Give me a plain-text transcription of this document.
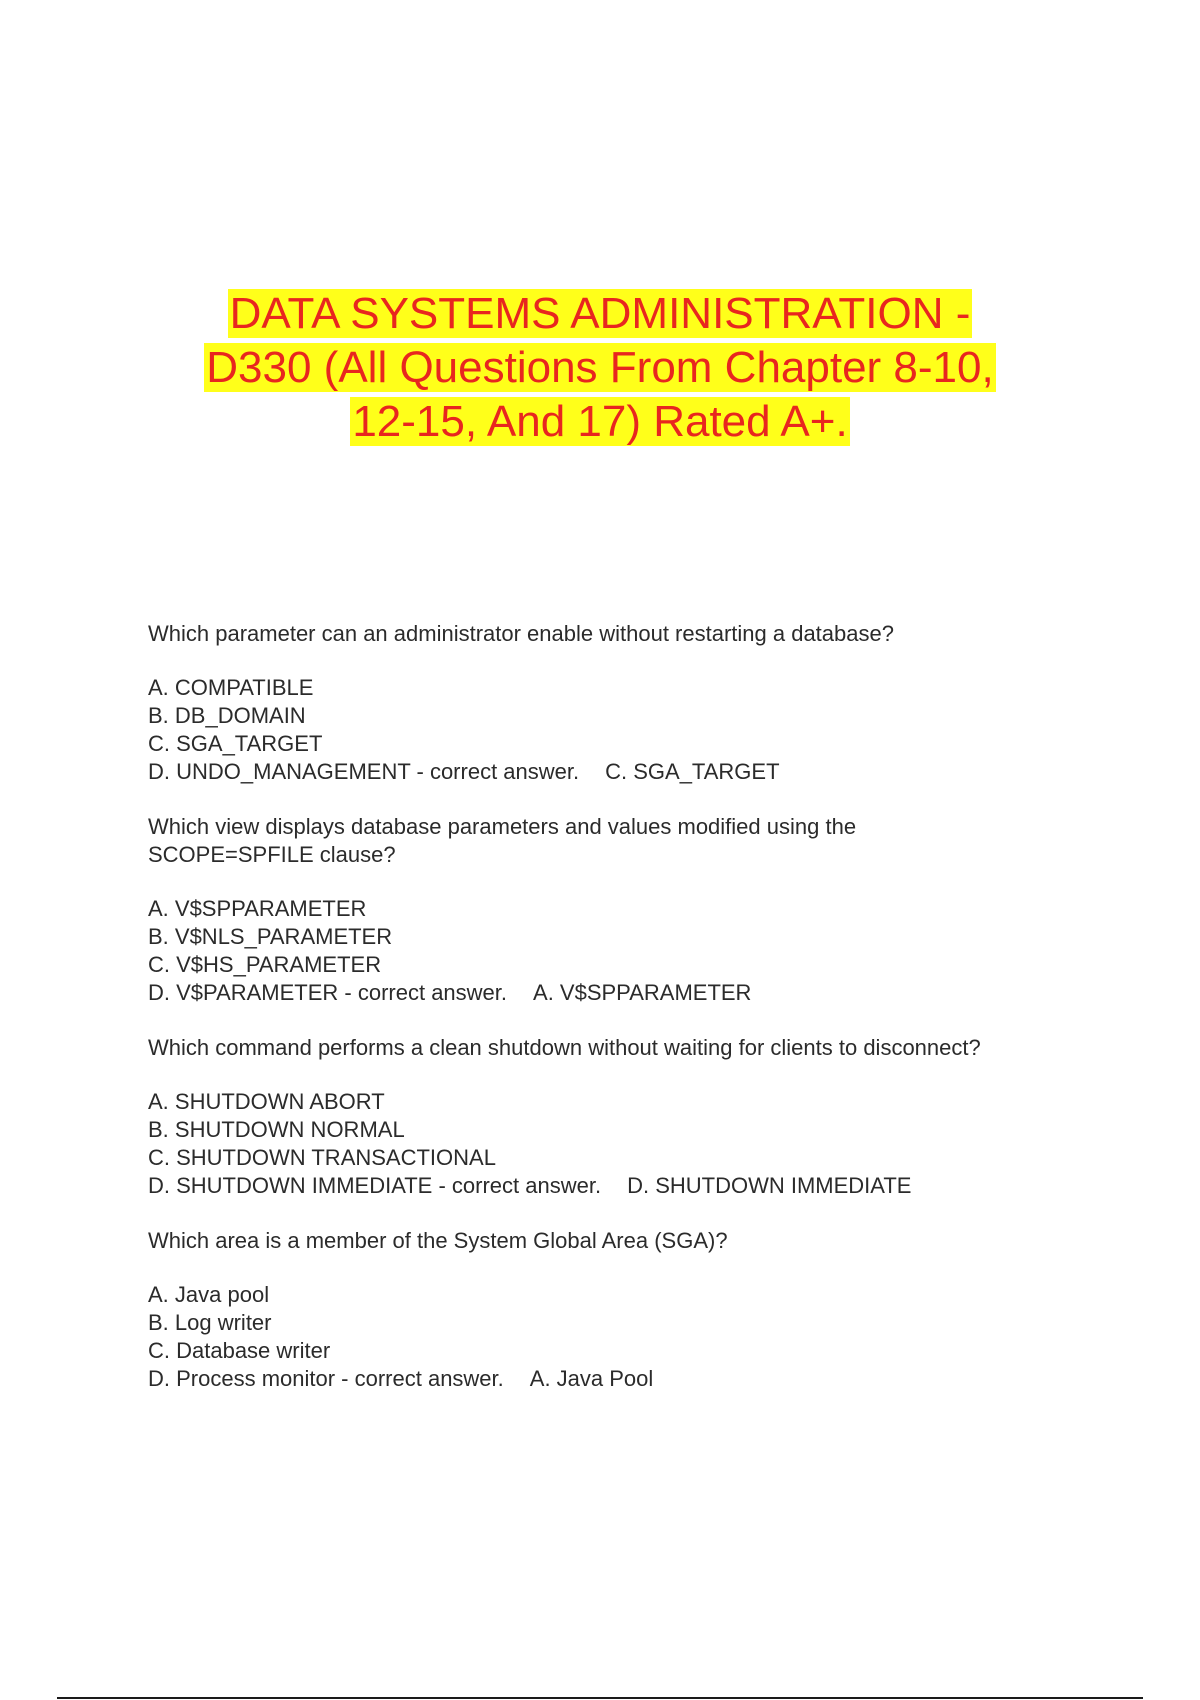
DATA SYSTEMS ADMINISTRATION -
D330 (All Questions From Chapter 8-10,
12-15, And 17) Rated A+.

Which parameter can an administrator enable without restarting a database?

A. COMPATIBLE

B. DB_DOMAIN

C. SGA_TARGET

D. UNDO_MANAGEMENT - correct answer. C. SGA_TARGET

Which view displays database parameters and values modified using the
SCOPE=SPFILE clause?

A. V$SPPARAMETER

B. V$NLS_PARAMETER

C. V$HS_PARAMETER

D. V$PARAMETER - correct answer. A. V$SPPARAMETER

Which command performs a clean shutdown without waiting for clients to disconnect?

A. SHUTDOWN ABORT

B. SHUTDOWN NORMAL

C. SHUTDOWN TRANSACTIONAL

D. SHUTDOWN IMMEDIATE - correct answer. D. SHUTDOWN IMMEDIATE

Which area is a member of the System Global Area (SGA)?

A. Java pool

B. Log writer

C. Database writer

D. Process monitor - correct answer. A. Java Pool
